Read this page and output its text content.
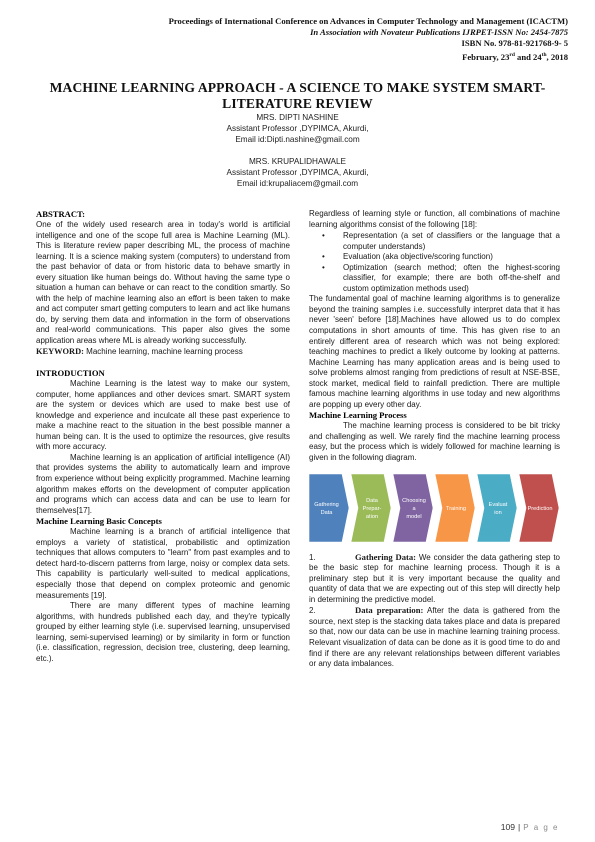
Proceedings of International Conference on Advances in Computer Technology and Management (ICACTM)
In Association with Novateur Publications IJRPET-ISSN No: 2454-7875
ISBN No. 978-81-921768-9- 5
February, 23rd and 24th, 2018
MACHINE LEARNING APPROACH - A SCIENCE TO MAKE SYSTEM SMART-
LITERATURE REVIEW
MRS. DIPTI NASHINE
Assistant Professor ,DYPIMCA, Akurdi,
Email id:Dipti.nashine@gmail.com
MRS. KRUPALIDHAWALE
Assistant Professor ,DYPIMCA, Akurdi,
Email id:krupaliacem@gmail.com
ABSTRACT:

One of the widely used research area in today's world is artificial intelligence and one of the scope full area is Machine Learning (ML). This is literature review paper describing ML, the process of machine learning. It is a science making system (computers) to understand from the past behavior of data or from historic data to behave smartly in every situation like human beings do. Without having the same type o situation a human can behave or can react to the condition smartly. So with the help of machine learning also an effort is been taken to make and act computer smart getting computers to learn and act like humans do, by serving them data and information in the form of observations and real-world communications. This paper also gives the some application areas where ML is already working successfully.

KEYWORD: Machine learning, machine learning process

INTRODUCTION

Machine Learning is the latest way to make our system, computer, home appliances and other devices smart. SMART system are the system or devices which are used to make best use of knowledge and experience and inculcate all these past experience to make a machine react to the situation in the best possible manner a human being can. It is the used to optimize the resources, give results with more accuracy.

Machine learning is an application of artificial intelligence (AI) that provides systems the ability to automatically learn and improve from experience without being explicitly programmed. Machine learning algorithm makes efforts on the development of computer application and programs which can access data and can be use to learn for themselves[17].

Machine Learning Basic Concepts

Machine learning is a branch of artificial intelligence that employs a variety of statistical, probabilistic and optimization techniques that allows computers to "learn" from past examples and to detect hard-to-discern patterns from large, noisy or complex data sets. This capability is particularly well-suited to medical applications, especially those that depend on complex proteomic and genomic measurements [19].

There are many different types of machine learning algorithms, with hundreds published each day, and they're typically grouped by either learning style (i.e. supervised learning, unsupervised learning, semi-supervised learning) or by similarity in form or function (i.e. classification, regression, decision tree, clustering, deep learning, etc.).

Regardless of learning style or function, all combinations of machine learning algorithms consist of the following [18]:

• Representation (a set of classifiers or the language that a computer understands)
• Evaluation (aka objective/scoring function)
• Optimization (search method; often the highest-scoring classifier, for example; there are both off-the-shelf and custom optimization methods used)

The fundamental goal of machine learning algorithms is to generalize beyond the training samples i.e. successfully interpret data that it has never 'seen' before [18].Machines have allowed us to do complex computations in short amounts of time. This has given rise to an entirely different area of research which was not being explored: teaching machines to predict a likely outcome by looking at patterns. Machine Learning has many application areas and is being used to solve problems almost ranging from predictions of result at NSE-BSE, stock market, medical field to rainfall prediction. There are multiple famous machine learning algorithms in use today and new algorithms are popping up every other day.

Machine Learning Process

The machine learning process is considered to be bit tricky and challenging as well. We rarely find the machine learning process easy, but the process which is widely followed for machine learning is given in the following diagram.

Gathering
Data
Data
Prepar-
ation
Choosing
a
model
Training
Evaluat
ion
Prediction

1.	Gathering Data: We consider the data gathering step to be the basic step for machine learning process. Though it is a preliminary step but it is very important because the quality and quantity of data that we are expecting out of this step will directly help in determining the predictive model.

2.	Data preparation: After the data is gathered from the source, next step is the stacking data takes place and data is prepared so that, now our data can be use in machine learning training process. Relevant visualization of data can be done as it is good time to do and find if there are any relevant relationships between different variables or any data imbalances.

109 | P a g e
